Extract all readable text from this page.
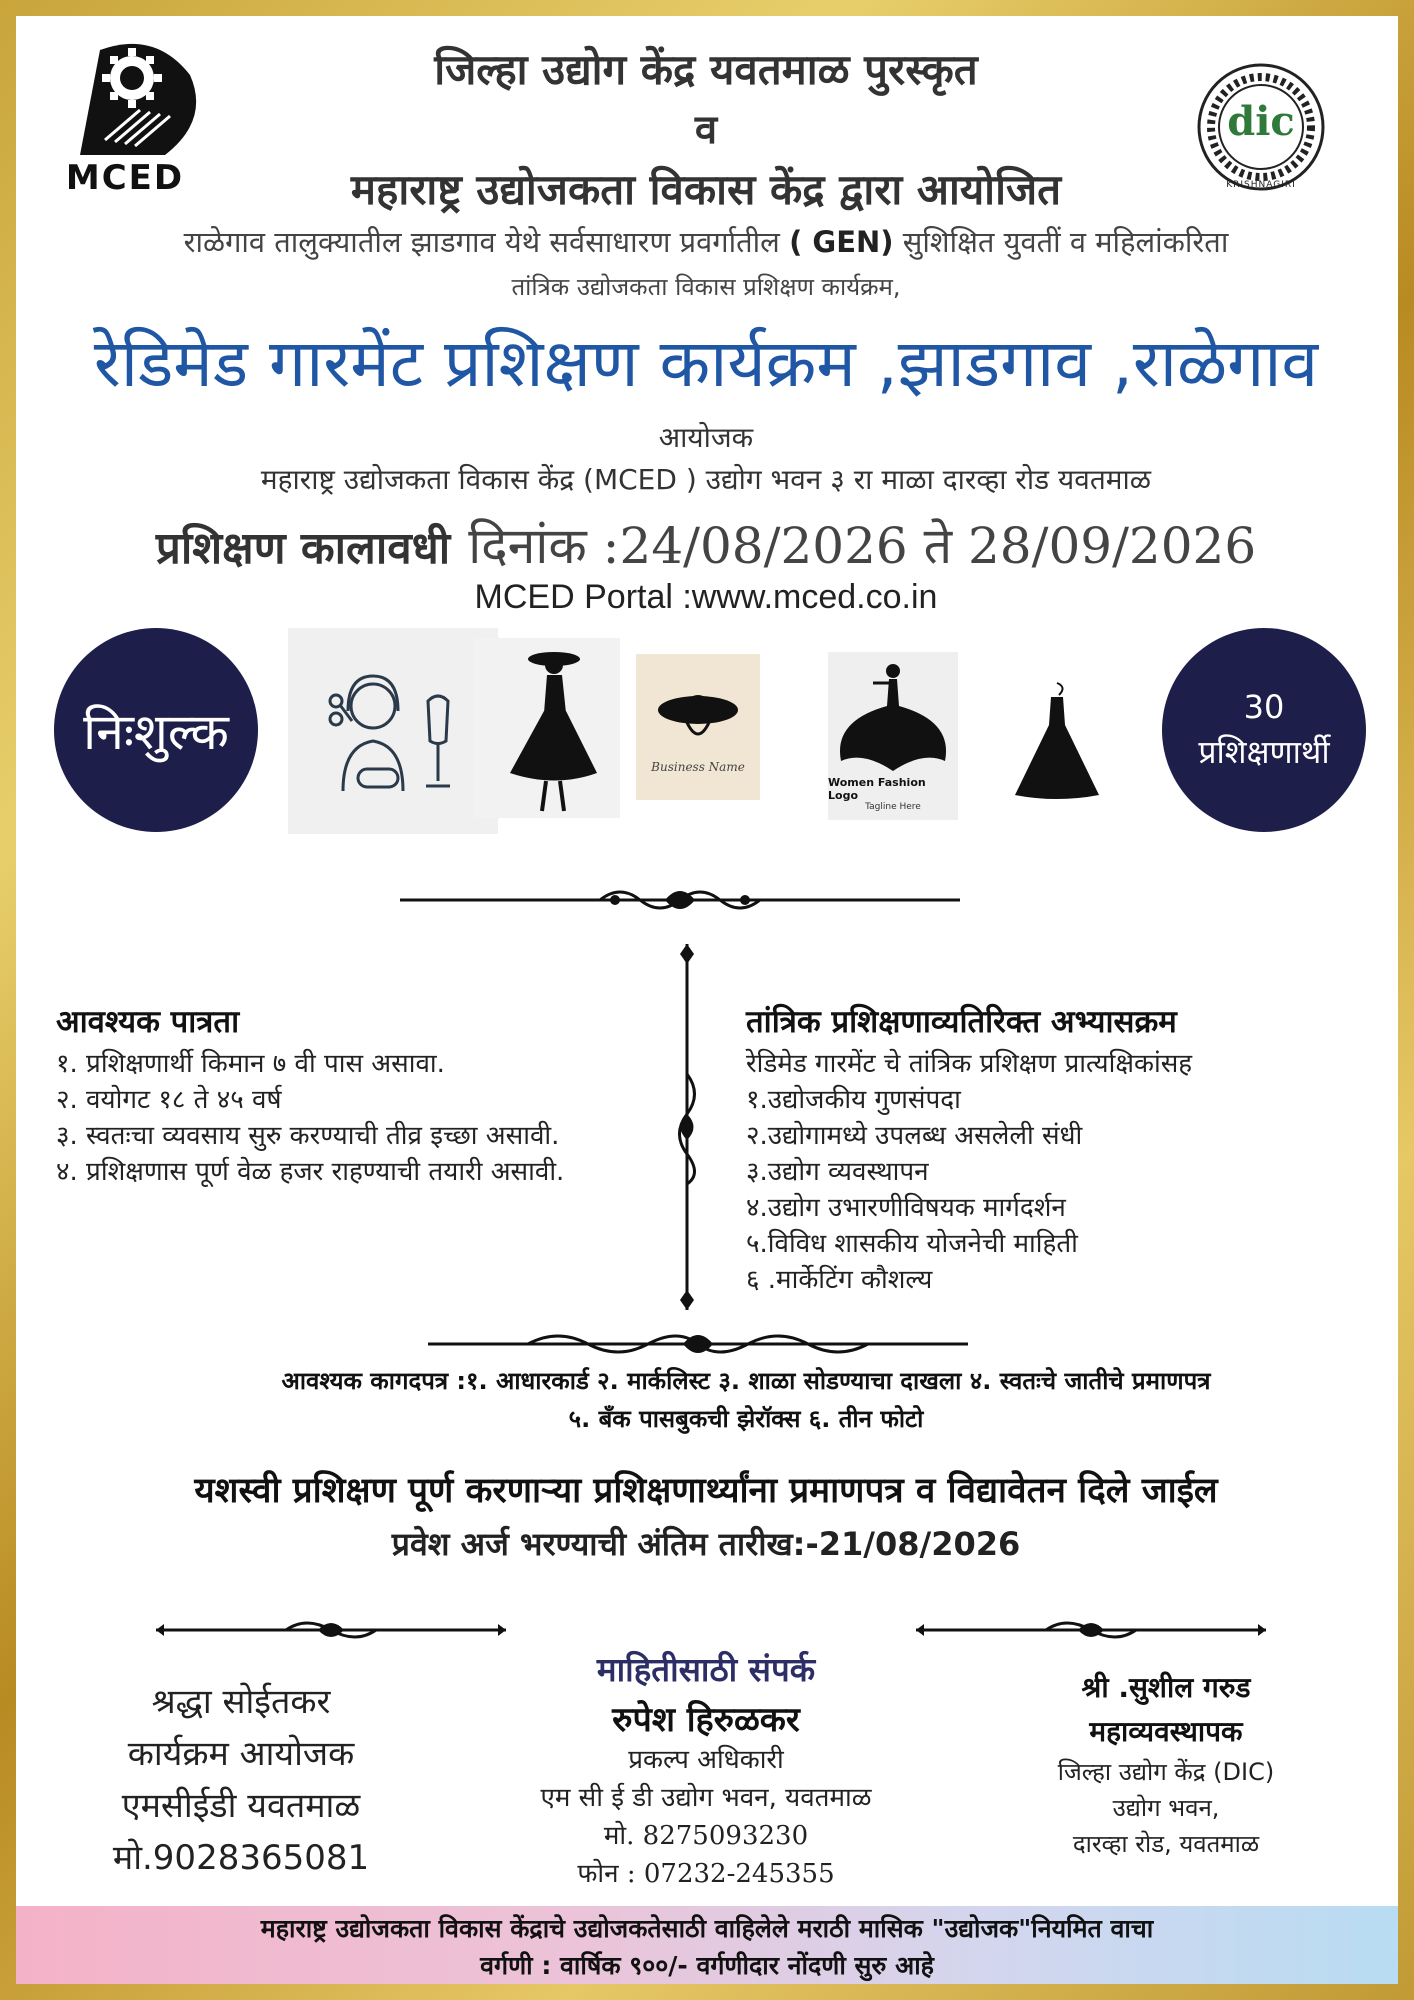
MCED
dic
KRISHNAGIRI
जिल्हा उद्योग केंद्र यवतमाळ पुरस्कृत
व
महाराष्ट्र उद्योजकता विकास केंद्र द्वारा आयोजित
राळेगाव तालुक्यातील झाडगाव येथे सर्वसाधारण प्रवर्गातील ( GEN) सुशिक्षित युवतीं व महिलांकरिता
तांत्रिक उद्योजकता विकास प्रशिक्षण कार्यक्रम,
रेडिमेड गारमेंट प्रशिक्षण कार्यक्रम ,झाडगाव ,राळेगाव
आयोजक
महाराष्ट्र उद्योजकता विकास केंद्र (MCED ) उद्योग भवन ३ रा माळा दारव्हा रोड यवतमाळ
प्रशिक्षण कालावधी दिनांक :24/08/2026 ते 28/09/2026
MCED Portal :www.mced.co.in
निःशुल्क	30
प्रशिक्षणार्थी
Business Name
Women Fashion Logo
Tagline Here
आवश्यक पात्रता
१. प्रशिक्षणार्थी किमान ७ वी पास असावा.
२. वयोगट १८ ते ४५ वर्ष
३. स्वतःचा व्यवसाय सुरु करण्याची तीव्र इच्छा असावी.
४. प्रशिक्षणास पूर्ण वेळ हजर राहण्याची तयारी असावी.
तांत्रिक प्रशिक्षणाव्यतिरिक्त अभ्यासक्रम
रेडिमेड गारमेंट चे तांत्रिक प्रशिक्षण प्रात्यक्षिकांसह
१.उद्योजकीय गुणसंपदा
२.उद्योगामध्ये उपलब्ध असलेली संधी
३.उद्योग व्यवस्थापन
४.उद्योग उभारणीविषयक मार्गदर्शन
५.विविध शासकीय योजनेची माहिती
६ .मार्केटिंग कौशल्य
आवश्यक कागदपत्र :१. आधारकार्ड २. मार्कलिस्ट ३. शाळा सोडण्याचा दाखला ४. स्वतःचे जातीचे प्रमाणपत्र
५. बँक पासबुकची झेरॉक्स ६. तीन फोटो
यशस्वी प्रशिक्षण पूर्ण करणाऱ्या प्रशिक्षणार्थ्यांना प्रमाणपत्र व विद्यावेतन दिले जाईल
प्रवेश अर्ज भरण्याची अंतिम तारीख:-21/08/2026
श्रद्धा सोईतकर
कार्यक्रम आयोजक
एमसीईडी यवतमाळ
मो.9028365081
माहितीसाठी संपर्क
रुपेश हिरुळकर
प्रकल्प अधिकारी
एम सी ई डी उद्योग भवन, यवतमाळ
मो. 8275093230
फोन : 07232-245355
श्री .सुशील गरुड
महाव्यवस्थापक
जिल्हा उद्योग केंद्र (DIC)
उद्योग भवन,
दारव्हा रोड, यवतमाळ
महाराष्ट्र उद्योजकता विकास केंद्राचे उद्योजकतेसाठी वाहिलेले मराठी मासिक "उद्योजक"नियमित वाचा
वर्गणी : वार्षिक ९००/- वर्गणीदार नोंदणी सुरु आहे
